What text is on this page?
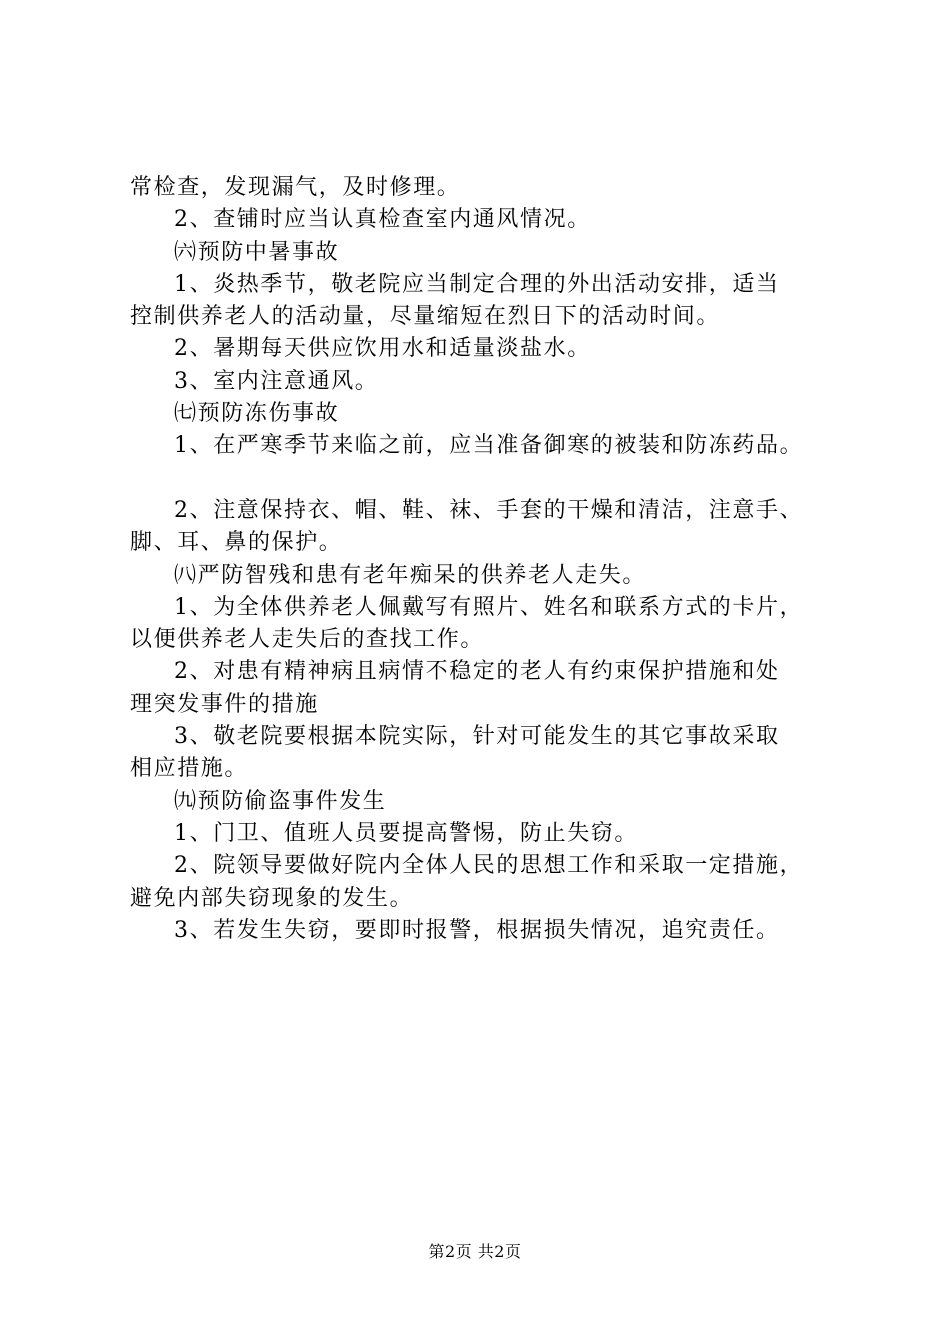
常检查，发现漏气，及时修理。
2、查铺时应当认真检查室内通风情况。
㈥预防中暑事故
1、炎热季节，敬老院应当制定合理的外出活动安排，适当
控制供养老人的活动量，尽量缩短在烈日下的活动时间。
2、暑期每天供应饮用水和适量淡盐水。
3、室内注意通风。
㈦预防冻伤事故
1、在严寒季节来临之前，应当准备御寒的被装和防冻药品。
2、注意保持衣、帽、鞋、袜、手套的干燥和清洁，注意手、
脚、耳、鼻的保护。
㈧严防智残和患有老年痴呆的供养老人走失。
1、为全体供养老人佩戴写有照片、姓名和联系方式的卡片，
以便供养老人走失后的查找工作。
2、对患有精神病且病情不稳定的老人有约束保护措施和处
理突发事件的措施
3、敬老院要根据本院实际，针对可能发生的其它事故采取
相应措施。
㈨预防偷盗事件发生
1、门卫、值班人员要提高警惕，防止失窃。
2、院领导要做好院内全体人民的思想工作和采取一定措施，
避免内部失窃现象的发生。
3、若发生失窃，要即时报警，根据损失情况，追究责任。
第2页 共2页
